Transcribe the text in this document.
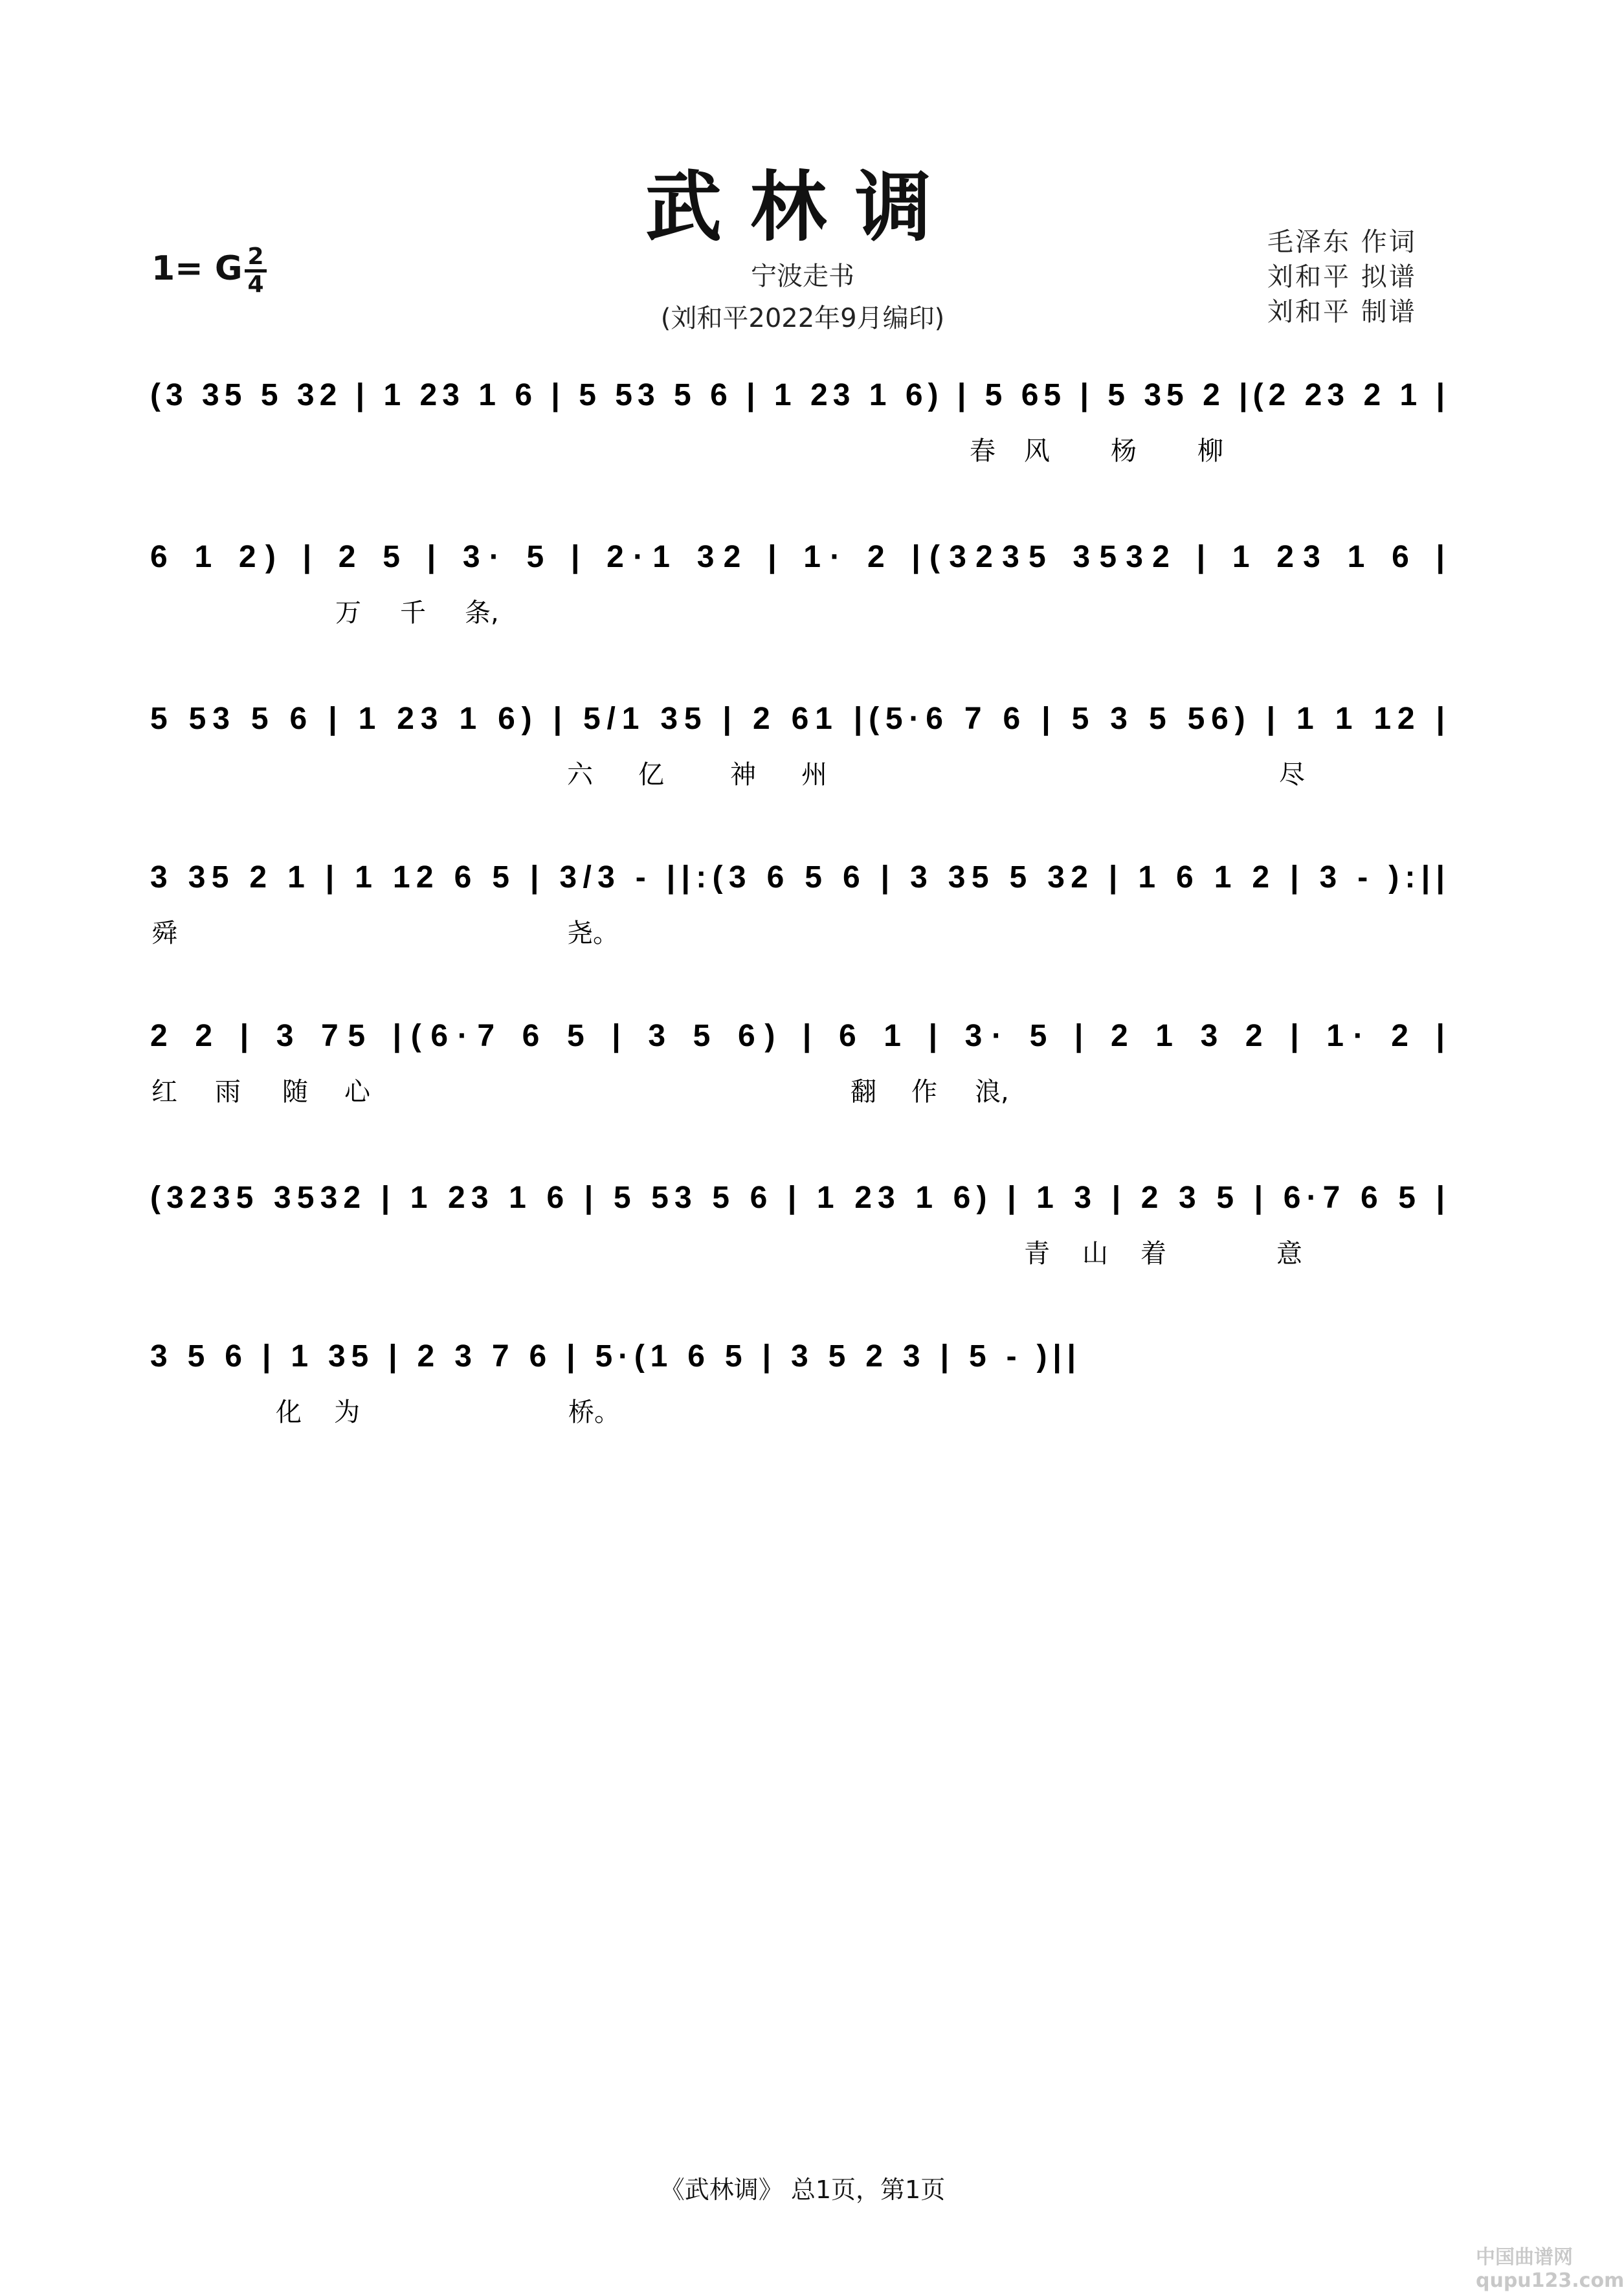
武林调
1= G $\frac{2}{4}$	宁波走书
(刘和平2022年9月编印)
毛泽东 作词
刘和平 拟谱
刘和平 制谱
(3 35 5 32 | 1 23 1 6 | 5 53 5 6 | 1 23 1 6) | 5 65 | 5 35 2 |(2 23 2 1 |
春 风 杨 柳
6 1 2) | 2 5 | 3· 5 | 2·1 32 | 1· 2 |(3235 3532 | 1 23 1 6 |
万 千 条,
5 53 5 6 | 1 23 1 6) | 5/1 35 | 2 61 |(5·6 7 6 | 5 3 5 56) | 1 1 12 |
六 亿	神 州	尽
3 35 2 1 | 1 12 6 5 | 3/3 - ||:(3 6 5 6 | 3 35 5 32 | 1 6 1 2 | 3 - ):||
舜	尧。
2 2 | 3 75 |(6·7 6 5 | 3 5 6) | 6 1 | 3· 5 | 2 1 3 2 | 1· 2 |
红 雨 随 心	翻 作 浪,
(3235 3532 | 1 23 1 6 | 5 53 5 6 | 1 23 1 6) | 1 3 | 2 3 5 | 6·7 6 5 |
青 山 着	意
3 5 6 | 1 35 | 2 3 7 6 | 5·(1 6 5 | 3 5 2 3 | 5 - )||
化 为	桥。
《武林调》 总1页，第1页
中国曲谱网 qupu123.com
